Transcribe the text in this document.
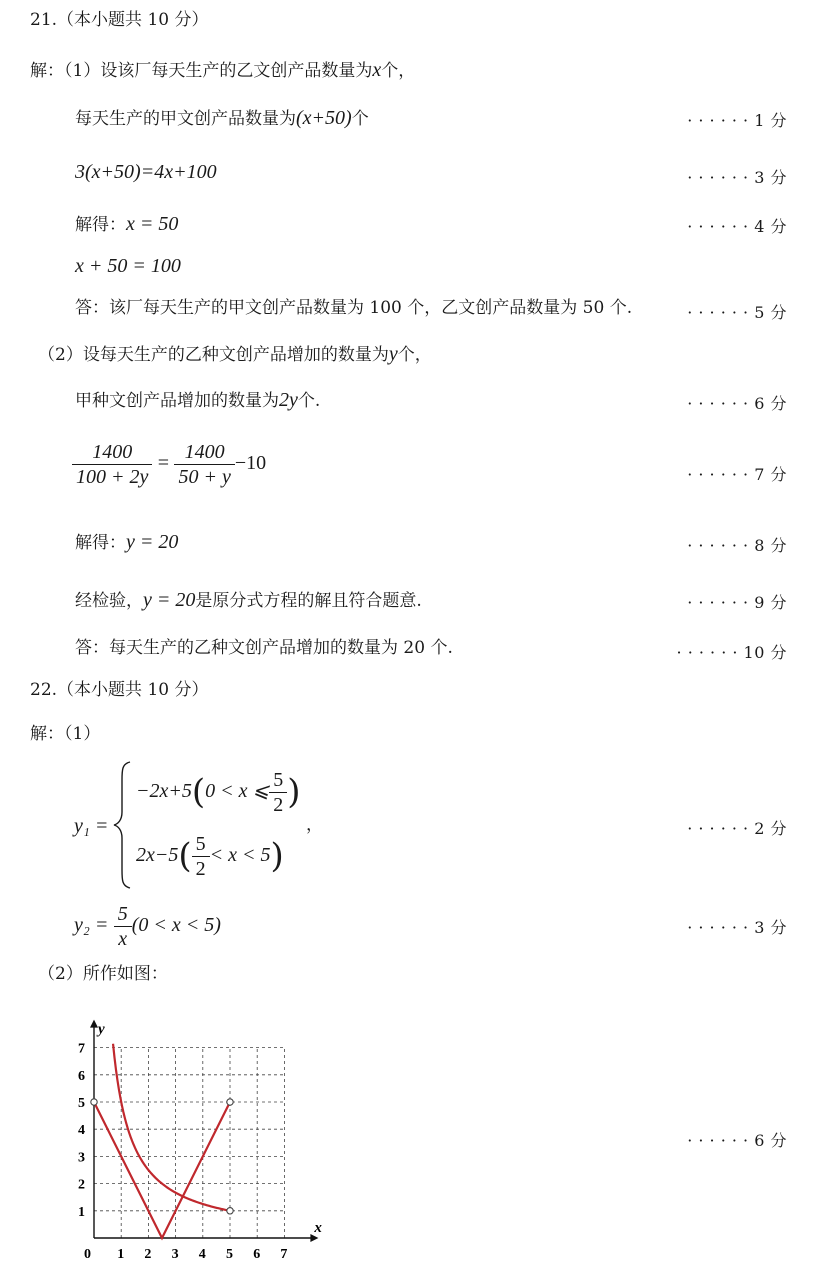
21.（本小题共 10 分）
解：（1）设该厂每天生产的乙文创产品数量为x个，
每天生产的甲文创产品数量为(x+50)个	· · · · · · 1 分
3(x+50)=4x+100	· · · · · · 3 分
解得：x = 50	· · · · · · 4 分
x + 50 = 100
答：该厂每天生产的甲文创产品数量为 100 个，乙文创产品数量为 50 个.	· · · · · · 5 分
（2）设每天生产的乙种文创产品增加的数量为y个，
甲种文创产品增加的数量为2y个.	· · · · · · 6 分
$\frac{1400}{100 + 2y} = \frac{1400}{50 + y} -10$
· · · · · · 7 分
解得：y = 20	· · · · · · 8 分
经检验，y = 20是原分式方程的解且符合题意.	· · · · · · 9 分
答：每天生产的乙种文创产品增加的数量为 20 个.	· · · · · · 10 分
22.（本小题共 10 分）
解：（1）
y₁ =
−2x+5(0 < x ⩽ $\frac{5}{2}$ )
，
$2x-5( \frac{5}{2} < x < 5)$
· · · · · · 2 分
$y_2 = \frac{5}{x} (0 < x < 5)$	· · · · · · 3 分
（2）所作如图：
x
y
0 1 2 3 4 5 6 7
1
2
3
4
5
6
7
· · · · · · 6 分
